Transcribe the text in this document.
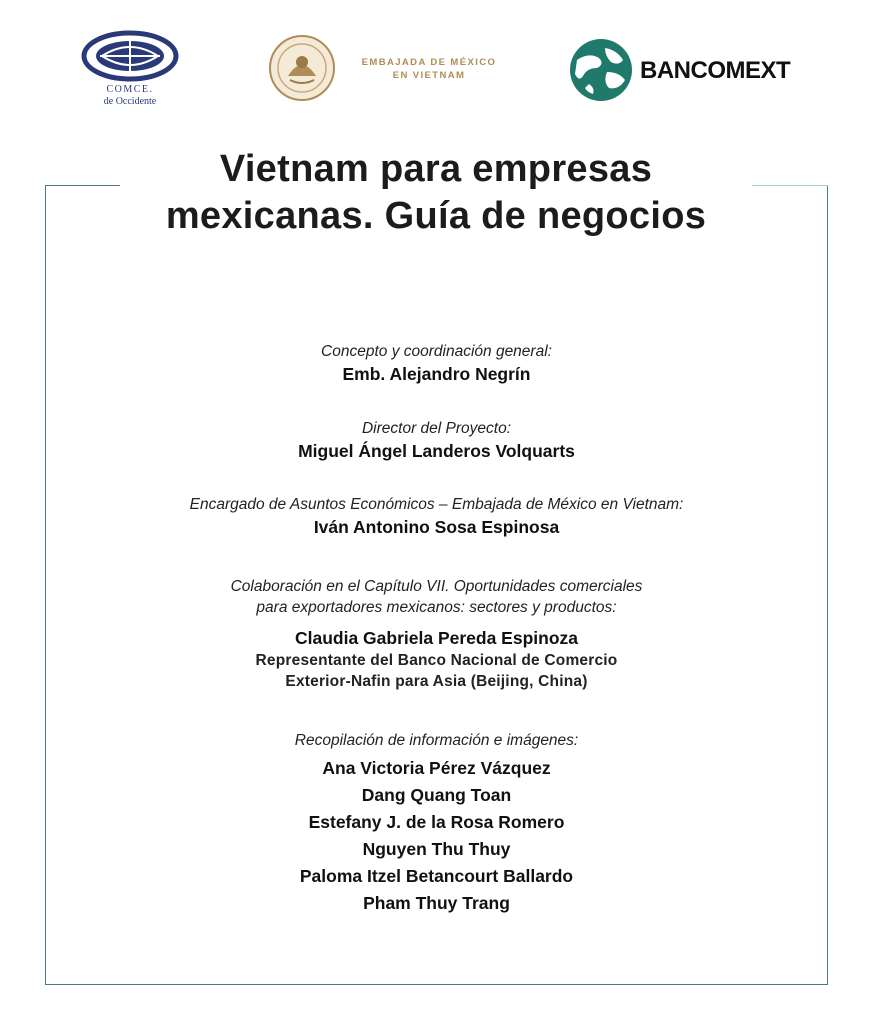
COMCE.
de Occidente
EMBAJADA DE MÉXICO
EN VIETNAM	BANCOMEXT
Vietnam para empresas
mexicanas. Guía de negocios
Concepto y coordinación general:
Emb. Alejandro Negrín
Director del Proyecto:
Miguel Ángel Landeros Volquarts
Encargado de Asuntos Económicos – Embajada de México en Vietnam:
Iván Antonino Sosa Espinosa
Colaboración en el Capítulo VII. Oportunidades comerciales
para exportadores mexicanos: sectores y productos:
Claudia Gabriela Pereda Espinoza
Representante del Banco Nacional de Comercio
Exterior-Nafin para Asia (Beijing, China)
Recopilación de información e imágenes:
Ana Victoria Pérez Vázquez
Dang Quang Toan
Estefany J. de la Rosa Romero
Nguyen Thu Thuy
Paloma Itzel Betancourt Ballardo
Pham Thuy Trang
